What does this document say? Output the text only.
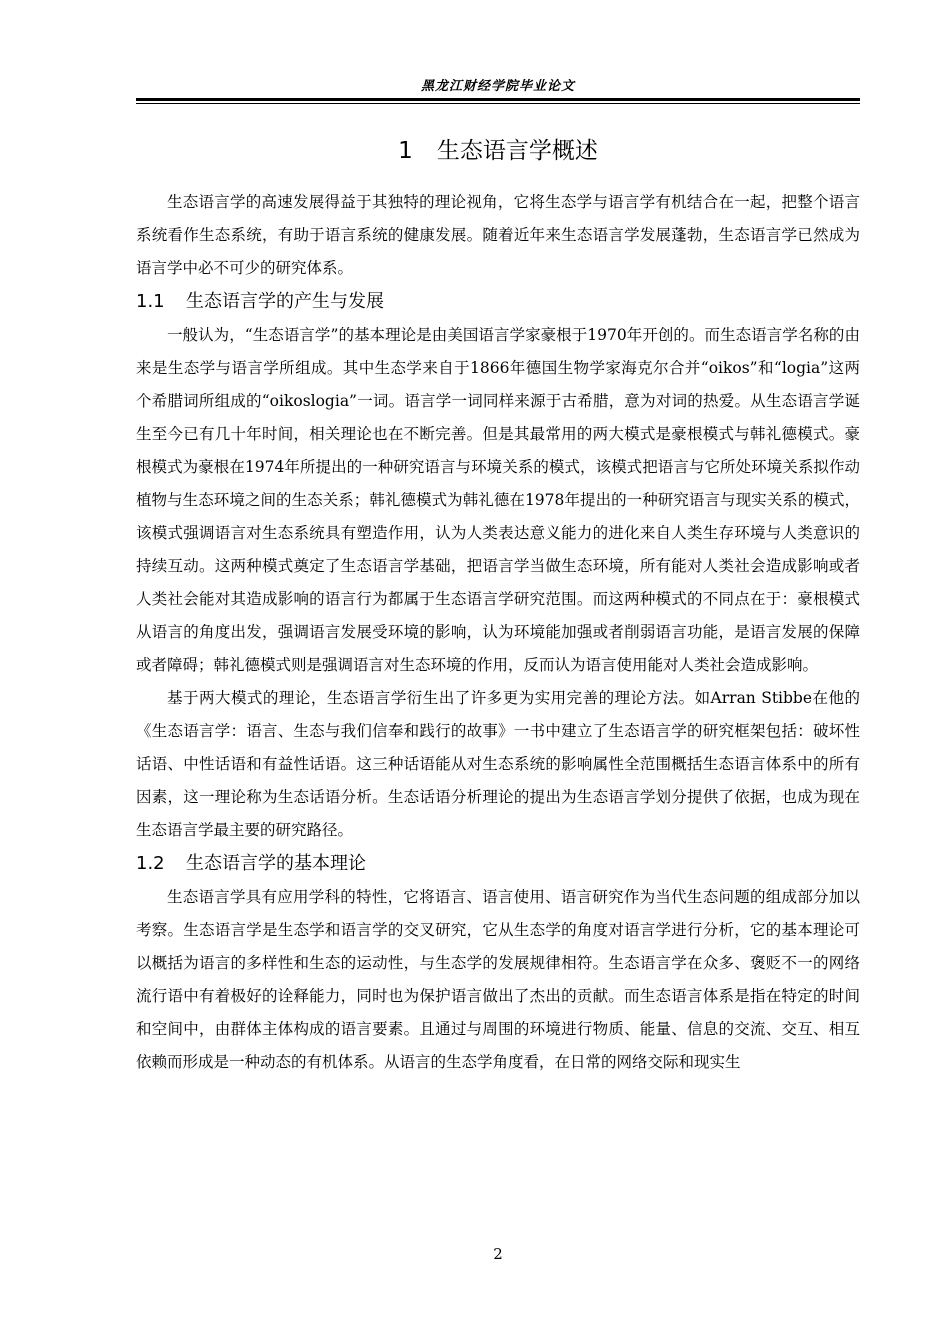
黑龙江财经学院毕业论文
1 生态语言学概述

生态语言学的高速发展得益于其独特的理论视角，它将生态学与语言学有机结合在一起，把整个语言系统看作生态系统，有助于语言系统的健康发展。随着近年来生态语言学发展蓬勃，生态语言学已然成为语言学中必不可少的研究体系。

1.1 生态语言学的产生与发展

一般认为，“生态语言学”的基本理论是由美国语言学家豪根于1970年开创的。而生态语言学名称的由来是生态学与语言学所组成。其中生态学来自于1866年德国生物学家海克尔合并“oikos”和“logia”这两个希腊词所组成的“oikoslogia”一词。语言学一词同样来源于古希腊，意为对词的热爱。从生态语言学诞生至今已有几十年时间，相关理论也在不断完善。但是其最常用的两大模式是豪根模式与韩礼德模式。豪根模式为豪根在1974年所提出的一种研究语言与环境关系的模式，该模式把语言与它所处环境关系拟作动植物与生态环境之间的生态关系；韩礼德模式为韩礼德在1978年提出的一种研究语言与现实关系的模式，该模式强调语言对生态系统具有塑造作用，认为人类表达意义能力的进化来自人类生存环境与人类意识的持续互动。这两种模式奠定了生态语言学基础，把语言学当做生态环境，所有能对人类社会造成影响或者人类社会能对其造成影响的语言行为都属于生态语言学研究范围。而这两种模式的不同点在于：豪根模式从语言的角度出发，强调语言发展受环境的影响，认为环境能加强或者削弱语言功能，是语言发展的保障或者障碍；韩礼德模式则是强调语言对生态环境的作用，反而认为语言使用能对人类社会造成影响。

基于两大模式的理论，生态语言学衍生出了许多更为实用完善的理论方法。如Arran Stibbe在他的《生态语言学：语言、生态与我们信奉和践行的故事》一书中建立了生态语言学的研究框架包括：破坏性话语、中性话语和有益性话语。这三种话语能从对生态系统的影响属性全范围概括生态语言体系中的所有因素，这一理论称为生态话语分析。生态话语分析理论的提出为生态语言学划分提供了依据，也成为现在生态语言学最主要的研究路径。

1.2 生态语言学的基本理论

生态语言学具有应用学科的特性，它将语言、语言使用、语言研究作为当代生态问题的组成部分加以考察。生态语言学是生态学和语言学的交叉研究，它从生态学的角度对语言学进行分析，它的基本理论可以概括为语言的多样性和生态的运动性，与生态学的发展规律相符。生态语言学在众多、褒贬不一的网络流行语中有着极好的诠释能力，同时也为保护语言做出了杰出的贡献。而生态语言体系是指在特定的时间和空间中，由群体主体构成的语言要素。且通过与周围的环境进行物质、能量、信息的交流、交互、相互依赖而形成是一种动态的有机体系。从语言的生态学角度看，在日常的网络交际和现实生

2
